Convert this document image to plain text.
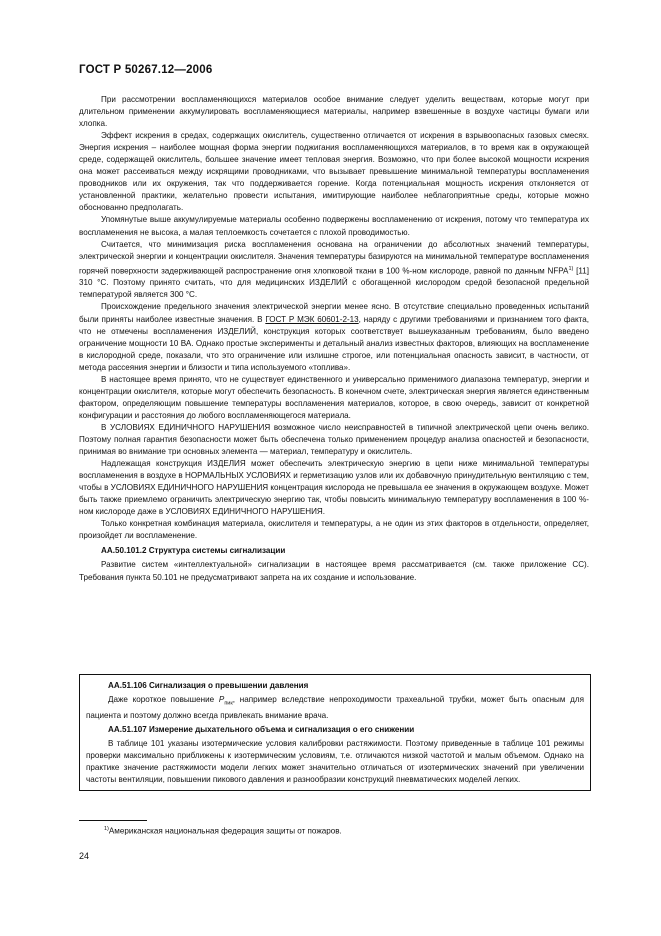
ГОСТ Р 50267.12—2006

При рассмотрении воспламеняющихся материалов особое внимание следует уделить веществам, которые могут при длительном применении аккумулировать воспламеняющиеся материалы, например взвешенные в воздухе частицы бумаги или хлопка.

Эффект искрения в средах, содержащих окислитель, существенно отличается от искрения в взрывоопасных газовых смесях. Энергия искрения – наиболее мощная форма энергии поджигания воспламеняющихся материалов, в то время как в окружающей среде, содержащей окислитель, большее значение имеет тепловая энергия. Возможно, что при более высокой мощности искрения она может рассеиваться между искрящими проводниками, что вызывает превышение минимальной температуры воспламенения проводников или их окружения, так что поддерживается горение. Когда потенциальная мощность искрения отклоняется от установленной практики, желательно провести испытания, имитирующие наиболее неблагоприятные среды, которые можно обоснованно предполагать.

Упомянутые выше аккумулируемые материалы особенно подвержены воспламенению от искрения, потому что температура их воспламенения не высока, а малая теплоемкость сочетается с плохой проводимостью.

Считается, что минимизация риска воспламенения основана на ограничении до абсолютных значений температуры, электрической энергии и концентрации окислителя. Значения температуры базируются на минимальной температуре воспламенения горячей поверхности задерживающей распространение огня хлопковой ткани в 100 %-ном кислороде, равной по данным NFPA$^{1)}$ [11] 310 °С. Поэтому принято считать, что для медицинских ИЗДЕЛИЙ с обогащенной кислородом средой безопасной предельной температурой является 300 °С.

Происхождение предельного значения электрической энергии менее ясно. В отсутствие специально проведенных испытаний были приняты наиболее известные значения. В ГОСТ Р МЭК 60601-2-13, наряду с другими требованиями и признанием того факта, что не отмечены воспламенения ИЗДЕЛИЙ, конструкция которых соответствует вышеуказанным требованиям, было введено ограничение мощности 10 ВА. Однако простые эксперименты и детальный анализ известных факторов, влияющих на воспламенение в кислородной среде, показали, что это ограничение или излишне строгое, или потенциальная опасность зависит, в частности, от метода рассеяния энергии и близости и типа используемого «топлива».

В настоящее время принято, что не существует единственного и универсально применимого диапазона температур, энергии и концентрации окислителя, которые могут обеспечить безопасность. В конечном счете, электрическая энергия является единственным фактором, определяющим повышение температуры воспламенения материалов, которое, в свою очередь, зависит от конкретной конфигурации и расстояния до любого воспламеняющегося материала.

В УСЛОВИЯХ ЕДИНИЧНОГО НАРУШЕНИЯ возможное число неисправностей в типичной электрической цепи очень велико. Поэтому полная гарантия безопасности может быть обеспечена только применением процедур анализа опасностей и безопасности, принимая во внимание три основных элемента — материал, температуру и окислитель.

Надлежащая конструкция ИЗДЕЛИЯ может обеспечить электрическую энергию в цепи ниже минимальной температуры воспламенения в воздухе в НОРМАЛЬНЫХ УСЛОВИЯХ и герметизацию узлов или их добавочную принудительную вентиляцию с тем, чтобы в УСЛОВИЯХ ЕДИНИЧНОГО НАРУШЕНИЯ концентрация кислорода не превышала ее значения в окружающем воздухе. Может быть также приемлемо ограничить электрическую энергию так, чтобы повысить минимальную температуру воспламенения в 100 %-ном кислороде даже в УСЛОВИЯХ ЕДИНИЧНОГО НАРУШЕНИЯ.

Только конкретная комбинация материала, окислителя и температуры, а не один из этих факторов в отдельности, определяет, произойдет ли воспламенение.

АА.50.101.2 Структура системы сигнализации

Развитие систем «интеллектуальной» сигнализации в настоящее время рассматривается (см. также приложение СС). Требования пункта 50.101 не предусматривают запрета на их создание и использование.

АА.51.106 Сигнализация о превышении давления

Даже короткое повышение $P_{пик}$, например вследствие непроходимости трахеальной трубки, может быть опасным для пациента и поэтому должно всегда привлекать внимание врача.

АА.51.107 Измерение дыхательного объема и сигнализация о его снижении

В таблице 101 указаны изотермические условия калибровки растяжимости. Поэтому приведенные в таблице 101 режимы проверки максимально приближены к изотермическим условиям, т.е. отличаются низкой частотой и малым объемом. Однако на практике значение растяжимости модели легких может значительно отличаться от изотермических значений при увеличении частоты вентиляции, повышении пикового давления и разнообразии конструкций пневматических моделей легких.

$^{1)}$Американская национальная федерация защиты от пожаров.
24
